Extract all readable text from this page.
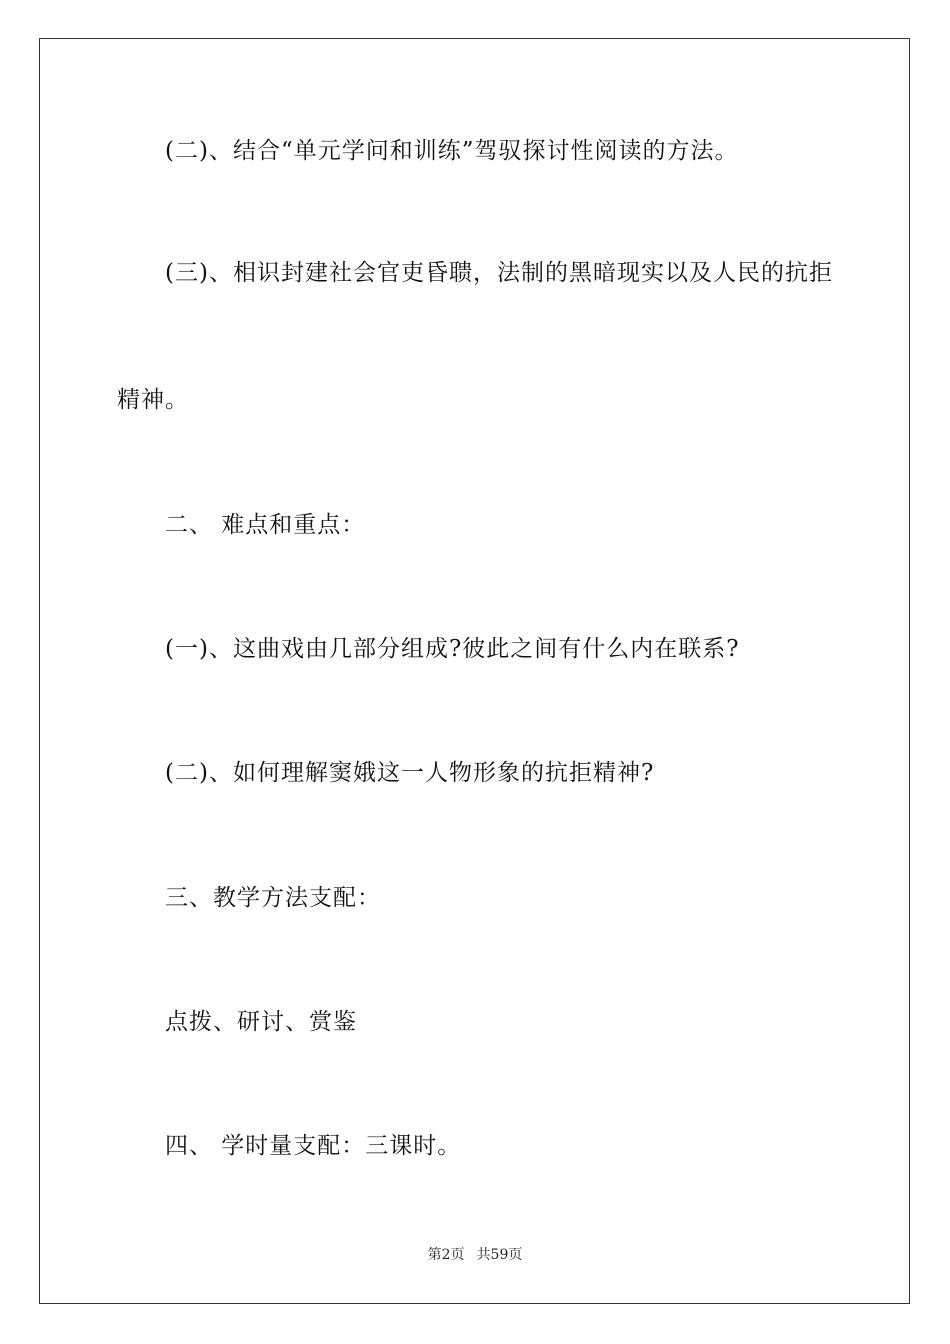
(二)、结合“单元学问和训练”驾驭探讨性阅读的方法。
(三)、相识封建社会官吏昏聩，法制的黑暗现实以及人民的抗拒
精神。
二、 难点和重点：
(一)、这曲戏由几部分组成?彼此之间有什么内在联系?
(二)、如何理解窦娥这一人物形象的抗拒精神?
三、教学方法支配：
点拨、研讨、赏鉴
四、 学时量支配：三课时。
第2页 共59页
